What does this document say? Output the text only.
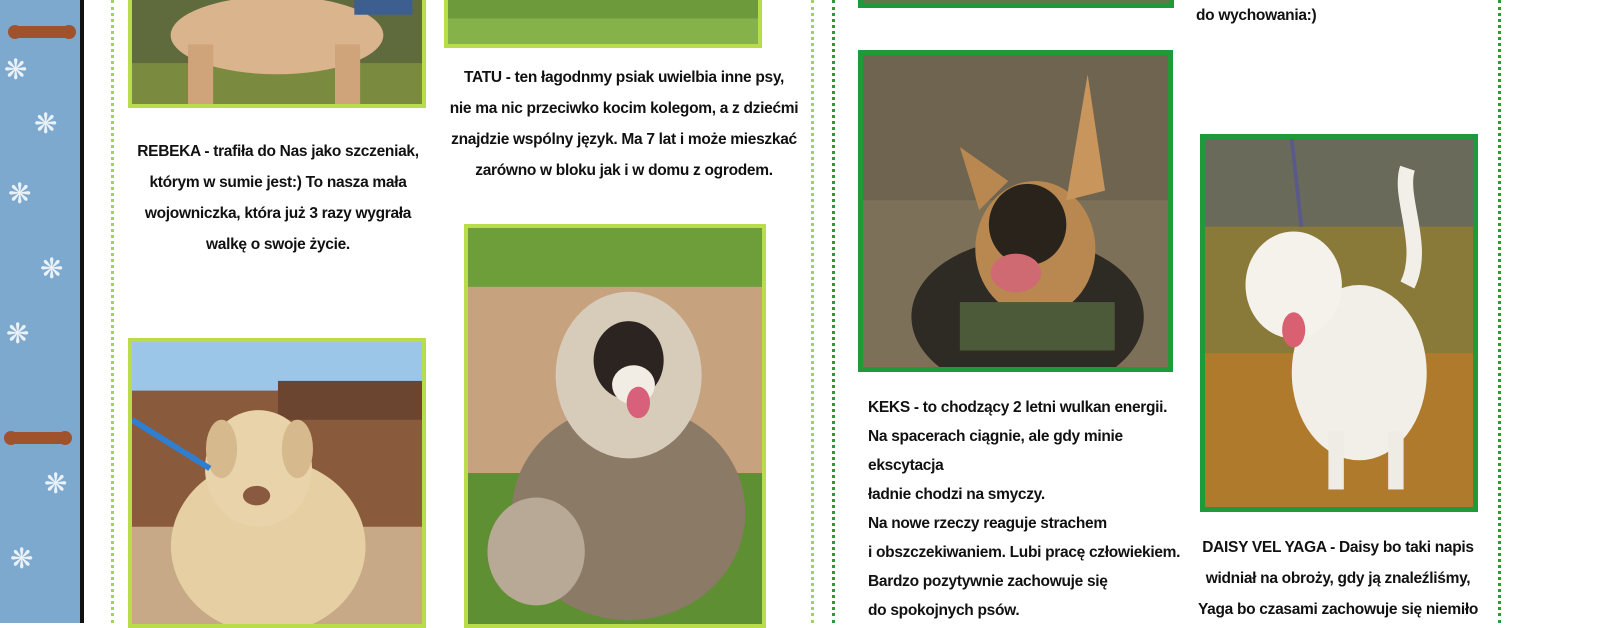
❋
❋
❋
❋
❋
❋
❋
REBEKA - trafiła do Nas jako szczeniak,
którym w sumie jest:) To nasza mała
wojowniczka, która już 3 razy wygrała
walkę o swoje życie.
TATU - ten łagodnmy psiak uwielbia inne psy,
nie ma nic przeciwko kocim kolegom, a z dziećmi
znajdzie wspólny język. Ma 7 lat i może mieszkać
zarówno w bloku jak i w domu z ogrodem.
do wychowania:)
KEKS - to chodzący 2 letni wulkan energii.
Na spacerach ciągnie, ale gdy minie ekscytacja
ładnie chodzi na smyczy.
Na nowe rzeczy reaguje strachem
i obszczekiwaniem. Lubi pracę człowiekiem.
Bardzo pozytywnie zachowuje się
do spokojnych psów.
DAISY VEL YAGA - Daisy bo taki napis
widniał na obroży, gdy ją znaleźliśmy,
Yaga bo czasami zachowuje się niemiło
